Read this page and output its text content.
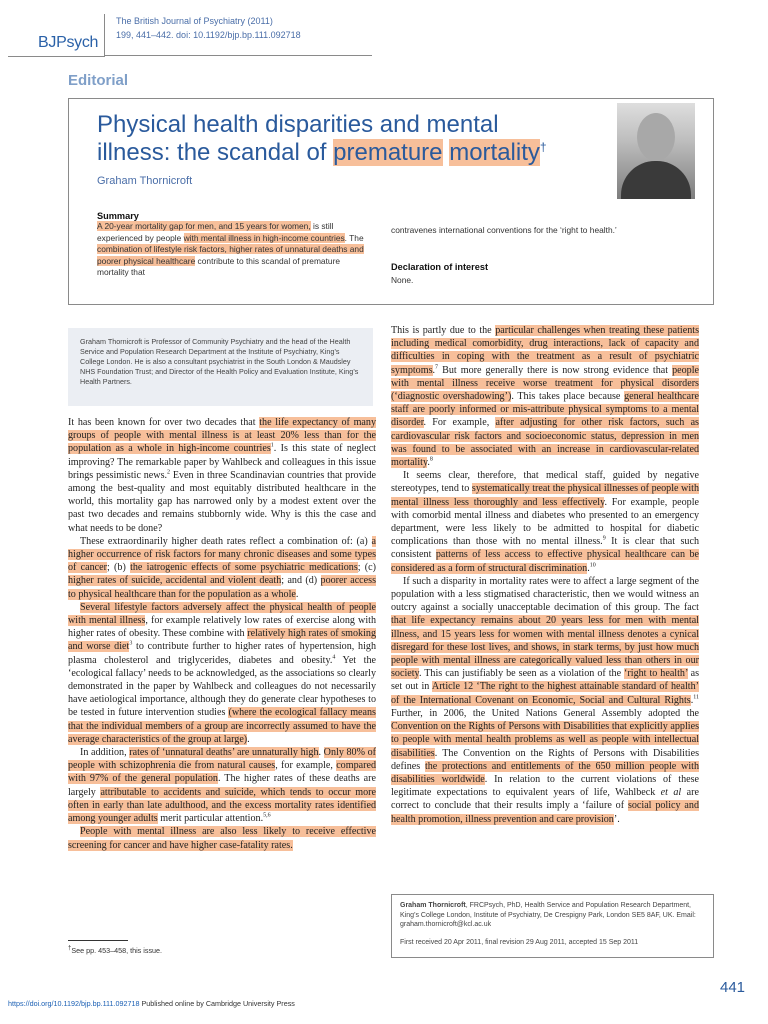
BJPsych
The British Journal of Psychiatry (2011)
199, 441–442. doi: 10.1192/bjp.bp.111.092718
Editorial
Physical health disparities and mental
illness: the scandal of premature mortality†
Graham Thornicroft
Summary
A 20-year mortality gap for men, and 15 years for women, is still experienced by people with mental illness in high-income countries. The combination of lifestyle risk factors, higher rates of unnatural deaths and poorer physical healthcare contribute to this scandal of premature mortality that
contravenes international conventions for the ‘right to health.’
Declaration of interest
None.
Graham Thornicroft is Professor of Community Psychiatry and the head of the Health Service and Population Research Department at the Institute of Psychiatry, King’s College London. He is also a consultant psychiatrist in the South London & Maudsley NHS Foundation Trust; and Director of the Health Policy and Evaluation Institute, King’s Health Partners.

It has been known for over two decades that the life expectancy of many groups of people with mental illness is at least 20% less than for the population as a whole in high-income countries$^1$. Is this state of neglect improving? The remarkable paper by Wahlbeck and colleagues in this issue brings pessimistic news.$^2$ Even in three Scandinavian countries that provide among the best-quality and most equitably distributed healthcare in the world, this mortality gap has narrowed only by a modest extent over the past two decades and remains stubbornly wide. Why is this the case and what needs to be done?

These extraordinarily higher death rates reflect a combination of: (a) a higher occurrence of risk factors for many chronic diseases and some types of cancer; (b) the iatrogenic effects of some psychiatric medications; (c) higher rates of suicide, accidental and violent death; and (d) poorer access to physical healthcare than for the population as a whole.

Several lifestyle factors adversely affect the physical health of people with mental illness, for example relatively low rates of exercise along with higher rates of obesity. These combine with relatively high rates of smoking and worse diet$^3$ to contribute further to higher rates of hypertension, high plasma cholesterol and triglycerides, diabetes and obesity.$^4$ Yet the ‘ecological fallacy’ needs to be acknowledged, as the associations so clearly demonstrated in the paper by Wahlbeck and colleagues do not necessarily have aetiological importance, although they do generate clear hypotheses to be tested in future intervention studies (where the ecological fallacy means that the individual members of a group are incorrectly assumed to have the average characteristics of the group at large).

In addition, rates of ‘unnatural deaths’ are unnaturally high. Only 80% of people with schizophrenia die from natural causes, for example, compared with 97% of the general population. The higher rates of these deaths are largely attributable to accidents and suicide, which tends to occur more often in early than late adulthood, and the excess mortality rates identified among younger adults merit particular attention.$^{5,6}$

People with mental illness are also less likely to receive effective screening for cancer and have higher case-fatality rates.

This is partly due to the particular challenges when treating these patients including medical comorbidity, drug interactions, lack of capacity and difficulties in coping with the treatment as a result of psychiatric symptoms.$^7$ But more generally there is now strong evidence that people with mental illness receive worse treatment for physical disorders (‘diagnostic overshadowing’). This takes place because general healthcare staff are poorly informed or mis-attribute physical symptoms to a mental disorder. For example, after adjusting for other risk factors, such as cardiovascular risk factors and socioeconomic status, depression in men was found to be associated with an increase in cardiovascular-related mortality.$^8$

It seems clear, therefore, that medical staff, guided by negative stereotypes, tend to systematically treat the physical illnesses of people with mental illness less thoroughly and less effectively. For example, people with comorbid mental illness and diabetes who presented to an emergency department, were less likely to be admitted to hospital for diabetic complications than those with no mental illness.$^9$ It is clear that such consistent patterns of less access to effective physical healthcare can be considered as a form of structural discrimination.$^{10}$

If such a disparity in mortality rates were to affect a large segment of the population with a less stigmatised characteristic, then we would witness an outcry against a socially unacceptable decimation of this group. The fact that life expectancy remains about 20 years less for men with mental illness, and 15 years less for women with mental illness denotes a cynical disregard for these lost lives, and shows, in stark terms, by just how much people with mental illness are categorically valued less than others in our society. This can justifiably be seen as a violation of the ‘right to health’ as set out in Article 12 ‘The right to the highest attainable standard of health’ of the International Covenant on Economic, Social and Cultural Rights.$^{11}$ Further, in 2006, the United Nations General Assembly adopted the Convention on the Rights of Persons with Disabilities that explicitly applies to people with mental health problems as well as people with intellectual disabilities. The Convention on the Rights of Persons with Disabilities defines the protections and entitlements of the 650 million people with disabilities worldwide. In relation to the current violations of these legitimate expectations to equivalent years of life, Wahlbeck et al are correct to conclude that their results imply a ‘failure of social policy and health promotion, illness prevention and care provision’.

†See pp. 453–458, this issue.
Graham Thornicroft, FRCPsych, PhD, Health Service and Population Research Department, King’s College London, Institute of Psychiatry, De Crespigny Park, London SE5 8AF, UK. Email: graham.thornicroft@kcl.ac.uk
First received 20 Apr 2011, final revision 29 Aug 2011, accepted 15 Sep 2011
441
https://doi.org/10.1192/bjp.bp.111.092718 Published online by Cambridge University Press
